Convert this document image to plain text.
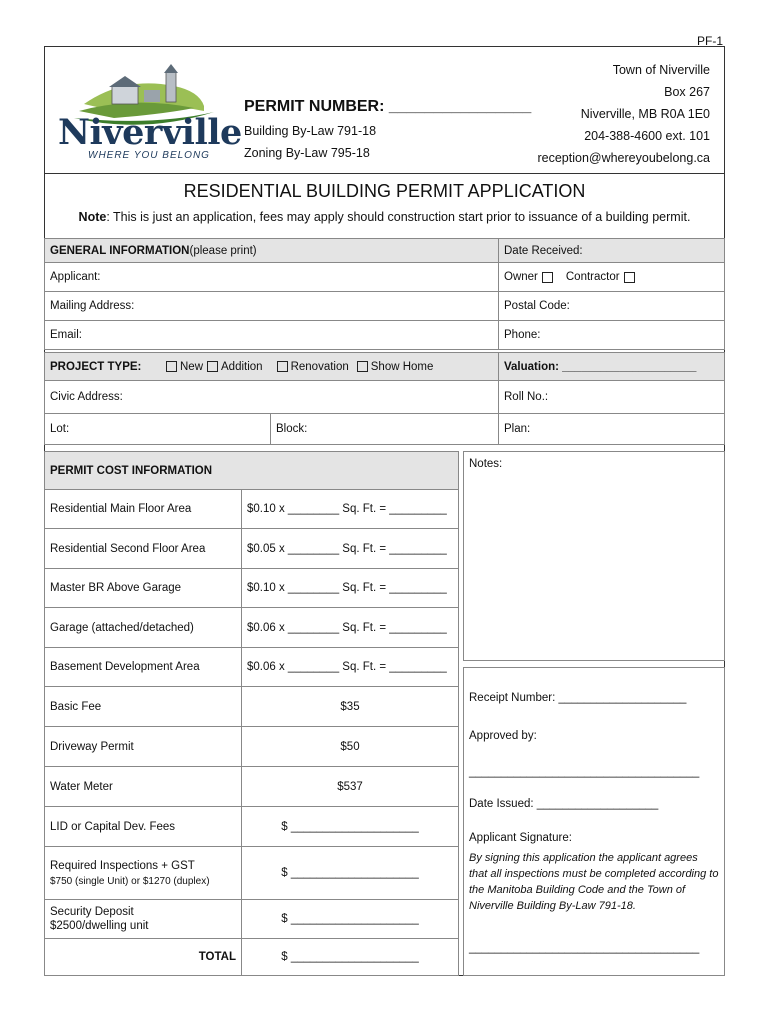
PF-1
Niverville
WHERE YOU BELONG
PERMIT NUMBER: ________________
Building By-Law 791-18
Zoning By-Law 795-18
Town of Niverville
Box 267
Niverville, MB R0A 1E0
204-388-4600 ext. 101
reception@whereyoubelong.ca
RESIDENTIAL BUILDING PERMIT APPLICATION
Note: This is just an application, fees may apply should construction start prior to issuance of a building permit.
GENERAL INFORMATION (please print)	Date Received:
Applicant:	Owner Contractor
Mailing Address:	Postal Code:
Email:	Phone:
PROJECT TYPE:	New Addition Renovation Show Home	Valuation: _____________________
Civic Address:	Roll No.:
Lot:	Block:	Plan:
PERMIT COST INFORMATION
Residential Main Floor Area	$0.10 x ________ Sq. Ft. = _________
Residential Second Floor Area	$0.05 x ________ Sq. Ft. = _________
Master BR Above Garage	$0.10 x ________ Sq. Ft. = _________
Garage (attached/detached)	$0.06 x ________ Sq. Ft. = _________
Basement Development Area	$0.06 x ________ Sq. Ft. = _________
Basic Fee	$35
Driveway Permit	$50
Water Meter	$537
LID or Capital Dev. Fees	$ ____________________
Required Inspections + GST
$750 (single Unit) or $1270 (duplex)
$ ____________________
Security Deposit
$2500/dwelling unit
$ ____________________
TOTAL	$ ____________________
Notes:
Receipt Number: ____________________
Approved by:
____________________________________
Date Issued: ___________________
Applicant Signature:
By signing this application the applicant agrees that all inspections must be completed according to the Manitoba Building Code and the Town of Niverville Building By-Law 791-18.
____________________________________
